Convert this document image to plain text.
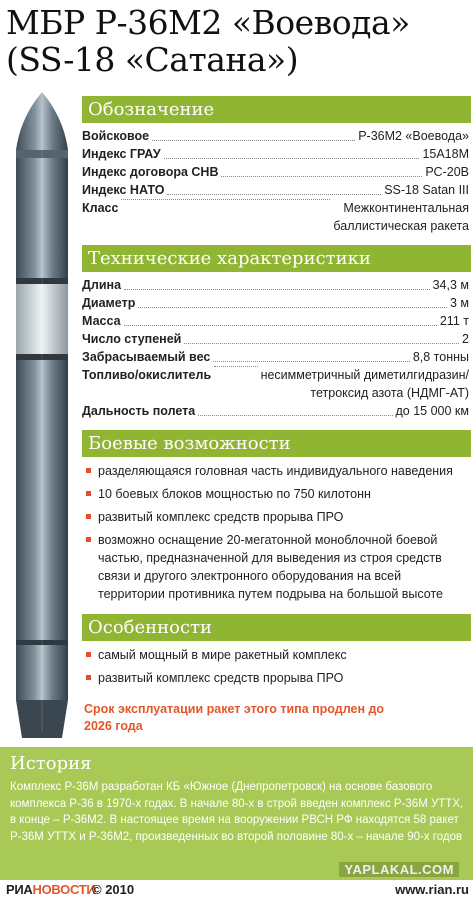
МБР Р-36М2 «Воевода»
(SS-18 «Сатана»)
Обозначение
Войсковое	Р-36М2 «Воевода»
Индекс ГРАУ	15А18М
Индекс договора СНВ	РС-20В
Индекс НАТО	SS-18 Satan III
Класс	Межконтинентальная
баллистическая ракета
Технические характеристики
Длина	34,3 м
Диаметр	3 м
Масса	211 т
Число ступеней	2
Забрасываемый вес	8,8 тонны
Топливо/окислитель	несимметричный диметилгидразин/
тетроксид азота (НДМГ-АТ)
Дальность полета	до 15 000 км
Боевые возможности
разделяющаяся головная часть индивидуального наведения
10 боевых блоков мощностью по 750 килотонн
развитый комплекс средств прорыва ПРО
возможно оснащение 20-мегатонной моноблочной боевой частью, предназначенной для выведения из строя средств связи и другого электронного оборудования на всей территории противника путем подрыва на большой высоте
Особенности
самый мощный в мире ракетный комплекс
развитый комплекс средств прорыва ПРО
Срок эксплуатации ракет этого типа продлен до 2026 года
История
Комплекс Р-36М разработан КБ «Южное (Днепропетровск) на основе базового комплекса Р-36 в 1970-х годах. В начале 80-х в строй введен комплекс Р-36М УТТХ, в конце – Р-36М2. В настоящее время на вооружении РВСН РФ находятся 58 ракет Р-36М УТТХ и Р-36М2, произведенных во второй половине 80-х – начале 90-х годов
YAPLAKAL.COM
РИАНОВОСТИ
© 2010	www.rian.ru
